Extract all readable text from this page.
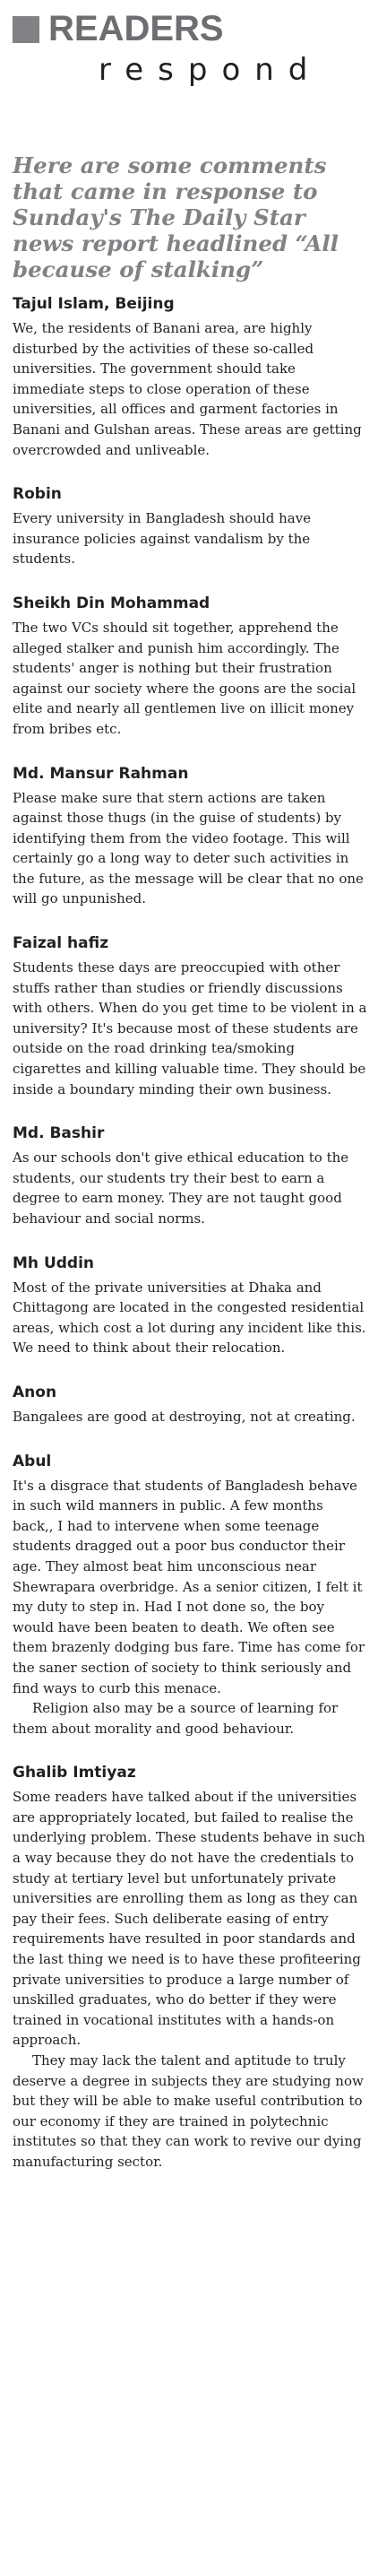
READERS
respond
Here are some comments that came in response to Sunday's The Daily Star news report headlined “All because of stalking”
Tajul Islam, Beijing

We, the residents of Banani area, are highly disturbed by the activities of these so-called universities. The government should take immediate steps to close operation of these universities, all offices and garment factories in Banani and Gulshan areas. These areas are getting overcrowded and unliveable.

Robin

Every university in Bangladesh should have insurance policies against vandalism by the students.

Sheikh Din Mohammad

The two VCs should sit together, apprehend the alleged stalker and punish him accordingly. The students' anger is nothing but their frustration against our society where the goons are the social elite and nearly all gentlemen live on illicit money from bribes etc.

Md. Mansur Rahman

Please make sure that stern actions are taken against those thugs (in the guise of students) by identifying them from the video footage. This will certainly go a long way to deter such activities in the future, as the message will be clear that no one will go unpunished.

Faizal hafiz

Students these days are preoccupied with other stuffs rather than studies or friendly discussions with others. When do you get time to be violent in a university? It's because most of these students are outside on the road drinking tea/smoking cigarettes and killing valuable time. They should be inside a boundary minding their own business.

Md. Bashir

As our schools don't give ethical education to the students, our students try their best to earn a degree to earn money. They are not taught good behaviour and social norms.

Mh Uddin

Most of the private universities at Dhaka and Chittagong are located in the congested residential areas, which cost a lot during any incident like this. We need to think about their relocation.

Anon

Bangalees are good at destroying, not at creating.

Abul

It's a disgrace that students of Bangladesh behave in such wild manners in public. A few months back,, I had to intervene when some teenage students dragged out a poor bus conductor their age. They almost beat him unconscious near Shewrapara overbridge. As a senior citizen, I felt it my duty to step in. Had I not done so, the boy would have been beaten to death. We often see them brazenly dodging bus fare. Time has come for the saner section of society to think seriously and find ways to curb this menace.

Religion also may be a source of learning for them about morality and good behaviour.

Ghalib Imtiyaz

Some readers have talked about if the universities are appropriately located, but failed to realise the underlying problem. These students behave in such a way because they do not have the credentials to study at tertiary level but unfortunately private universities are enrolling them as long as they can pay their fees. Such deliberate easing of entry requirements have resulted in poor standards and the last thing we need is to have these profiteering private universities to produce a large number of unskilled graduates, who do better if they were trained in vocational institutes with a hands-on approach.

They may lack the talent and aptitude to truly deserve a degree in subjects they are studying now but they will be able to make useful contribution to our economy if they are trained in polytechnic institutes so that they can work to revive our dying manufacturing sector.
